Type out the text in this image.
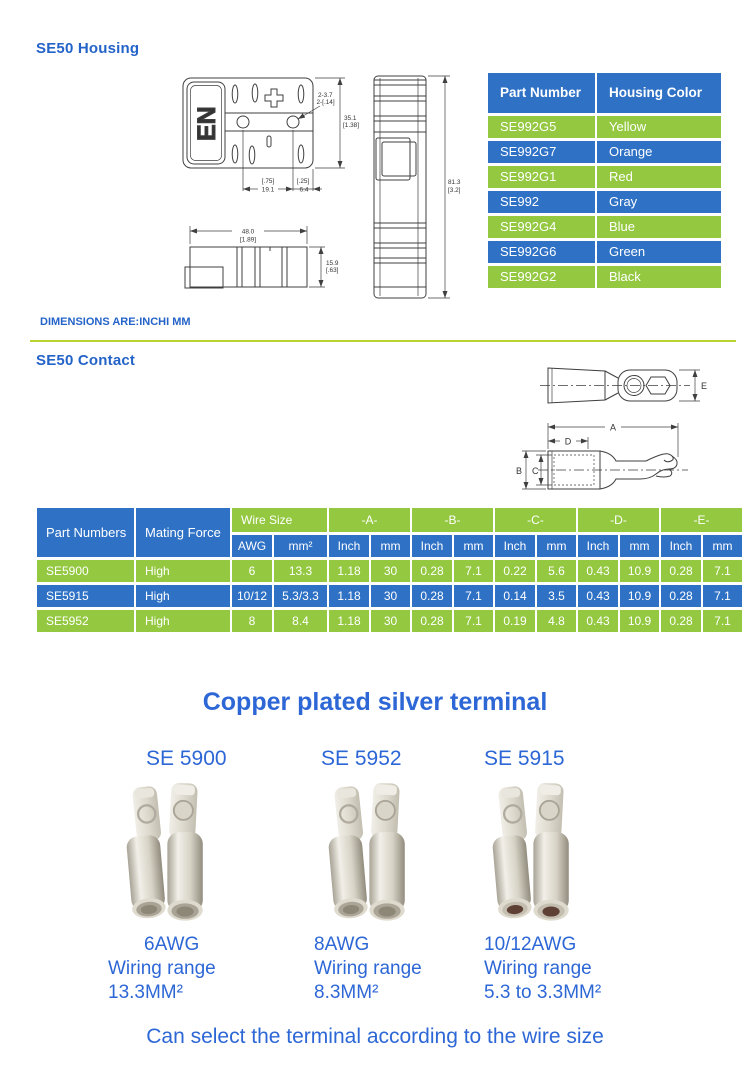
SE50 Housing
EN	35.1
[1.38]
2-3.7
2-[.14]
[.75]
19.1
[.25]
6.4
48.0
[1.89]
15.9
[.63]
81.3
[3.2]
Part Number	Housing Color
SE992G5	Yellow
SE992G7	Orange
SE992G1	Red
SE992	Gray
SE992G4	Blue
SE992G6	Green
SE992G2	Black
DIMENSIONS ARE:INCHI MM
SE50 Contact
E
A
D
B C
Part Numbers	Mating Force	Wire Size		-A-		-B-		-C-		-D-		-E-	
		AWG	mm²	Inch	mm	Inch	mm	Inch	mm	Inch	mm	Inch	mm
SE5900	High	6	13.3	1.18	30	0.28	7.1	0.22	5.6	0.43	10.9	0.28	7.1
SE5915	High	10/12	5.3/3.3	1.18	30	0.28	7.1	0.14	3.5	0.43	10.9	0.28	7.1
SE5952	High	8	8.4	1.18	30	0.28	7.1	0.19	4.8	0.43	10.9	0.28	7.1
Copper plated silver terminal
SE 5900	SE 5952	SE 5915
6AWG
Wiring range
13.3MM²
8AWG
Wiring range
8.3MM²
10/12AWG
Wiring range
5.3 to 3.3MM²
Can select the terminal according to the wire size
